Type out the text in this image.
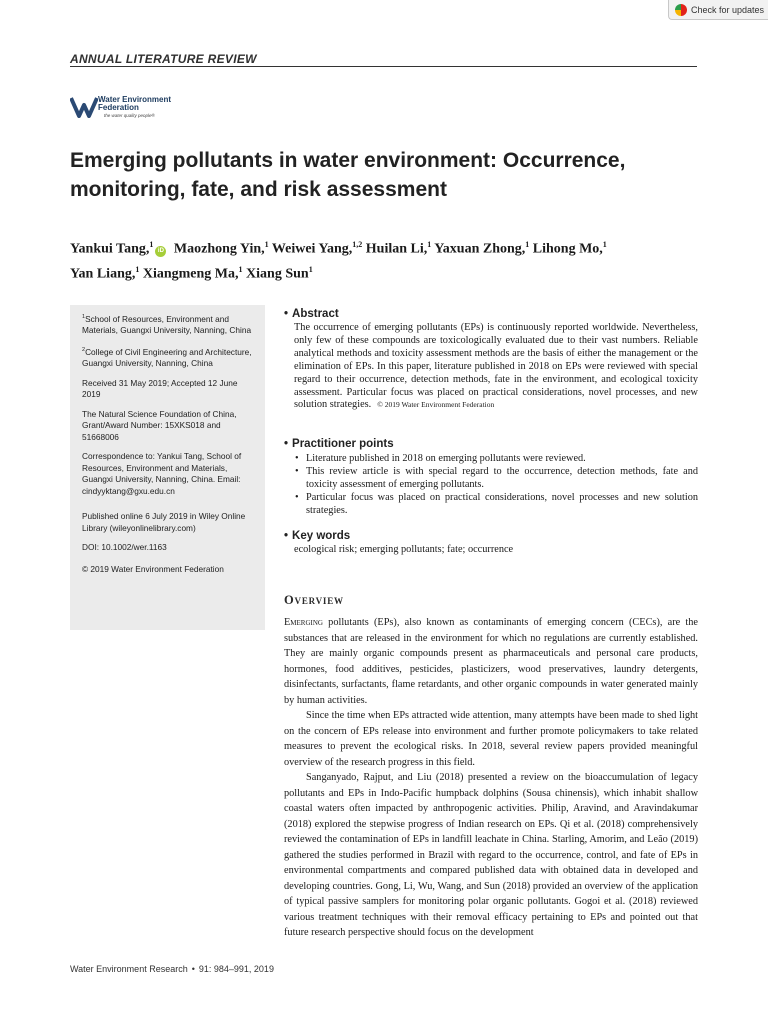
Check for updates
ANNUAL LITERATURE REVIEW
Water Environment
Federation
the water quality people®
Emerging pollutants in water environment: Occurrence, monitoring, fate, and risk assessment
Yankui Tang,$^1$iD Maozhong Yin,$^1$ Weiwei Yang,$^{1,2}$ Huilan Li,$^1$ Yaxuan Zhong,$^1$ Lihong Mo,$^1$
Yan Liang,$^1$ Xiangmeng Ma,$^1$ Xiang Sun$^1$

$^1$School of Resources, Environment and Materials, Guangxi University, Nanning, China

$^2$College of Civil Engineering and Architecture, Guangxi University, Nanning, China

Received 31 May 2019; Accepted 12 June 2019

The Natural Science Foundation of China, Grant/Award Number: 15XKS018 and 51668006

Correspondence to: Yankui Tang, School of Resources, Environment and Materials, Guangxi University, Nanning, China. Email: cindyyktang@gxu.edu.cn

Published online 6 July 2019 in Wiley Online Library (wileyonlinelibrary.com)

DOI: 10.1002/wer.1163

© 2019 Water Environment Federation

• Abstract
The occurrence of emerging pollutants (EPs) is continuously reported worldwide. Nevertheless, only few of these compounds are toxicologically evaluated due to their vast numbers. Reliable analytical methods and toxicity assessment methods are the basis of either the management or the elimination of EPs. In this paper, literature published in 2018 on EPs were reviewed with special regard to their occurrence, detection methods, fate in the environment, and ecological toxicity assessment. Particular focus was placed on practical considerations, novel processes, and new solution strategies. © 2019 Water Environment Federation
• Practitioner points
• Literature published in 2018 on emerging pollutants were reviewed.
• This review article is with special regard to the occurrence, detection methods, fate and toxicity assessment of emerging pollutants.
• Particular focus was placed on practical considerations, novel processes and new solution strategies.
• Key words
ecological risk; emerging pollutants; fate; occurrence
Overview

Emerging pollutants (EPs), also known as contaminants of emerging concern (CECs), are the substances that are released in the environment for which no regulations are currently established. They are mainly organic compounds present as pharmaceuticals and personal care products, hormones, food additives, pesticides, plasticizers, wood preservatives, laundry detergents, disinfectants, surfactants, flame retardants, and other organic compounds in water generated mainly by human activities.

Since the time when EPs attracted wide attention, many attempts have been made to shed light on the concern of EPs release into environment and further promote policymakers to take related measures to prevent the ecological risks. In 2018, several review papers provided meaningful overview of the research progress in this field.

Sanganyado, Rajput, and Liu (2018) presented a review on the bioaccumulation of legacy pollutants and EPs in Indo-Pacific humpback dolphins (Sousa chinensis), which inhabit shallow coastal waters often impacted by anthropogenic activities. Philip, Aravind, and Aravindakumar (2018) explored the stepwise progress of Indian research on EPs. Qi et al. (2018) comprehensively reviewed the contamination of EPs in landfill leachate in China. Starling, Amorim, and Leão (2019) gathered the studies performed in Brazil with regard to the occurrence, control, and fate of EPs in environmental compartments and compared published data with obtained data in developed and developing countries. Gong, Li, Wu, Wang, and Sun (2018) provided an overview of the application of typical passive samplers for monitoring polar organic pollutants. Gogoi et al. (2018) reviewed various treatment techniques with their removal efficacy pertaining to EPs and pointed out that future research perspective should focus on the development

Water Environment Research • 91: 984–991, 2019
